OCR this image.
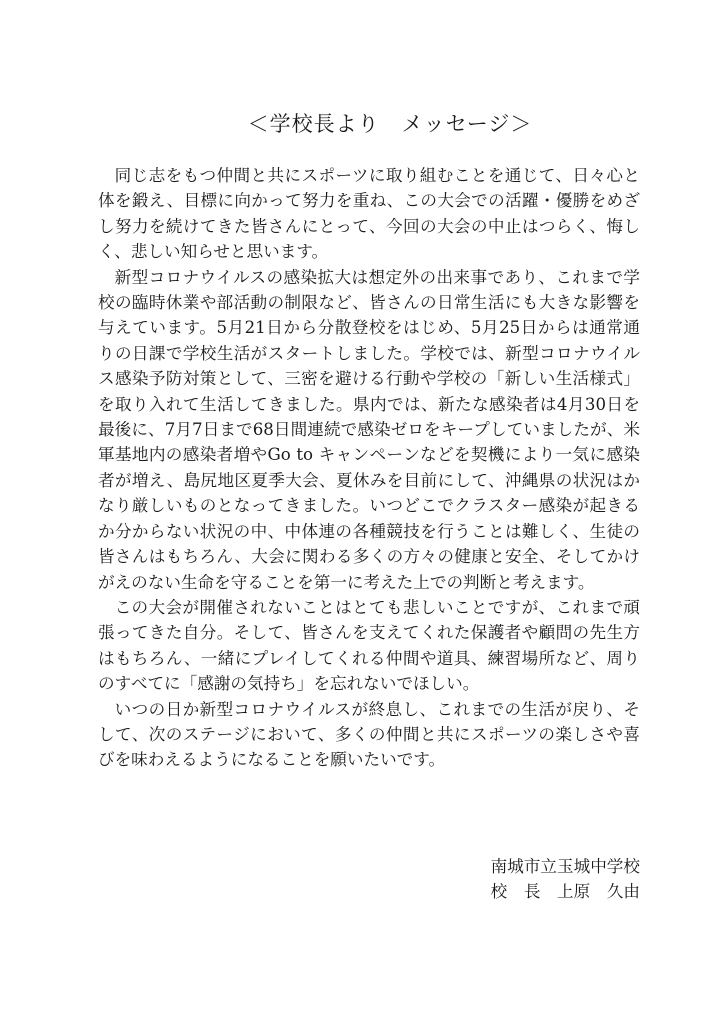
＜学校長より　メッセージ＞

同じ志をもつ仲間と共にスポーツに取り組むことを通じて、日々心と体を鍛え、目標に向かって努力を重ね、この大会での活躍・優勝をめざし努力を続けてきた皆さんにとって、今回の大会の中止はつらく、悔しく、悲しい知らせと思います。

新型コロナウイルスの感染拡大は想定外の出来事であり、これまで学校の臨時休業や部活動の制限など、皆さんの日常生活にも大きな影響を与えています。5月21日から分散登校をはじめ、5月25日からは通常通りの日課で学校生活がスタートしました。学校では、新型コロナウイルス感染予防対策として、三密を避ける行動や学校の「新しい生活様式」を取り入れて生活してきました。県内では、新たな感染者は4月30日を最後に、7月7日まで68日間連続で感染ゼロをキープしていましたが、米軍基地内の感染者増やGo to キャンペーンなどを契機により一気に感染者が増え、島尻地区夏季大会、夏休みを目前にして、沖縄県の状況はかなり厳しいものとなってきました。いつどこでクラスター感染が起きるか分からない状況の中、中体連の各種競技を行うことは難しく、生徒の皆さんはもちろん、大会に関わる多くの方々の健康と安全、そしてかけがえのない生命を守ることを第一に考えた上での判断と考えます。

この大会が開催されないことはとても悲しいことですが、これまで頑張ってきた自分。そして、皆さんを支えてくれた保護者や顧問の先生方はもちろん、一緒にプレイしてくれる仲間や道具、練習場所など、周りのすべてに「感謝の気持ち」を忘れないでほしい。

いつの日か新型コロナウイルスが終息し、これまでの生活が戻り、そして、次のステージにおいて、多くの仲間と共にスポーツの楽しさや喜びを味わえるようになることを願いたいです。

南城市立玉城中学校
校　長　上原　久由
